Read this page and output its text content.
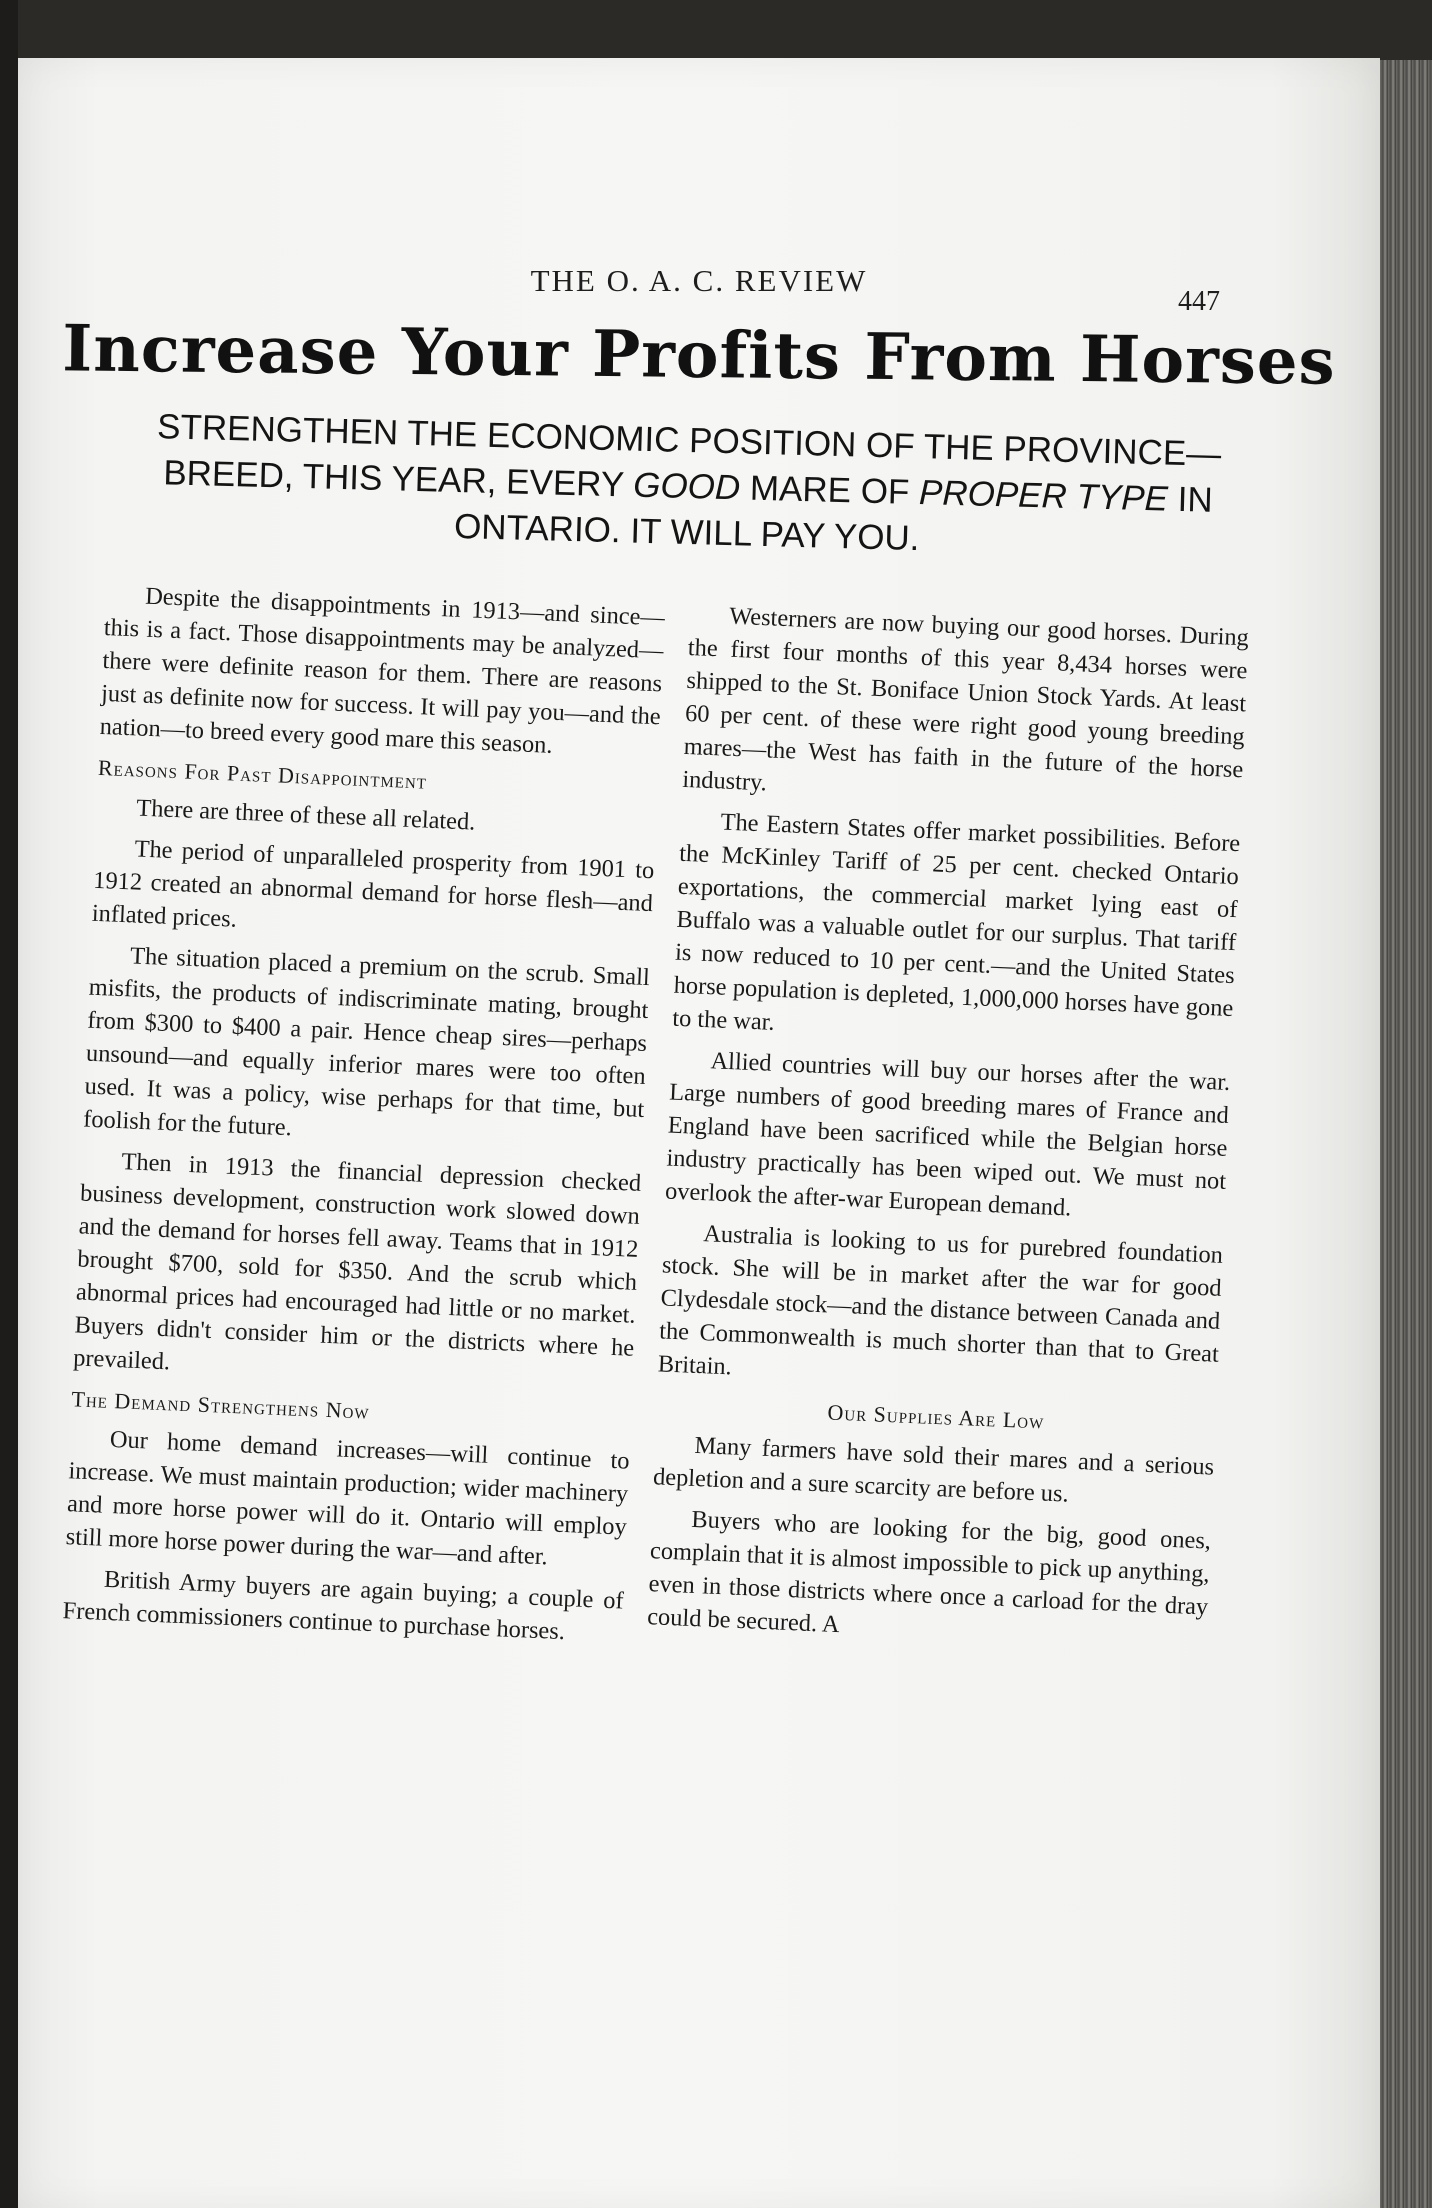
THE O. A. C. REVIEW
447
Increase Your Profits From Horses
STRENGTHEN THE ECONOMIC POSITION OF THE PROVINCE— BREED, THIS YEAR, EVERY GOOD MARE OF PROPER TYPE IN ONTARIO. IT WILL PAY YOU.

Despite the disappointments in 1913—and since—this is a fact. Those disappointments may be analyzed—there were definite reason for them. There are reasons just as definite now for success. It will pay you—and the nation—to breed every good mare this season.

Reasons For Past Disappointment

There are three of these all related.

The period of unparalleled prosperity from 1901 to 1912 created an abnormal demand for horse flesh—and inflated prices.

The situation placed a premium on the scrub. Small misfits, the products of indiscriminate mating, brought from $300 to $400 a pair. Hence cheap sires—perhaps unsound—and equally inferior mares were too often used. It was a policy, wise perhaps for that time, but foolish for the future.

Then in 1913 the financial depression checked business development, construction work slowed down and the demand for horses fell away. Teams that in 1912 brought $700, sold for $350. And the scrub which abnormal prices had encouraged had little or no market. Buyers didn't consider him or the districts where he prevailed.

The Demand Strengthens Now

Our home demand increases—will continue to increase. We must maintain production; wider machinery and more horse power will do it. Ontario will employ still more horse power during the war—and after.

British Army buyers are again buying; a couple of French commissioners continue to purchase horses.

Westerners are now buying our good horses. During the first four months of this year 8,434 horses were shipped to the St. Boniface Union Stock Yards. At least 60 per cent. of these were right good young breeding mares—the West has faith in the future of the horse industry.

The Eastern States offer market possibilities. Before the McKinley Tariff of 25 per cent. checked Ontario exportations, the commercial market lying east of Buffalo was a valuable outlet for our surplus. That tariff is now reduced to 10 per cent.—and the United States horse population is depleted, 1,000,000 horses have gone to the war.

Allied countries will buy our horses after the war. Large numbers of good breeding mares of France and England have been sacrificed while the Belgian horse industry practically has been wiped out. We must not overlook the after-war European demand.

Australia is looking to us for purebred foundation stock. She will be in market after the war for good Clydesdale stock—and the distance between Canada and the Commonwealth is much shorter than that to Great Britain.

Our Supplies Are Low

Many farmers have sold their mares and a serious depletion and a sure scarcity are before us.

Buyers who are looking for the big, good ones, complain that it is almost impossible to pick up anything, even in those districts where once a carload for the dray could be secured. A
